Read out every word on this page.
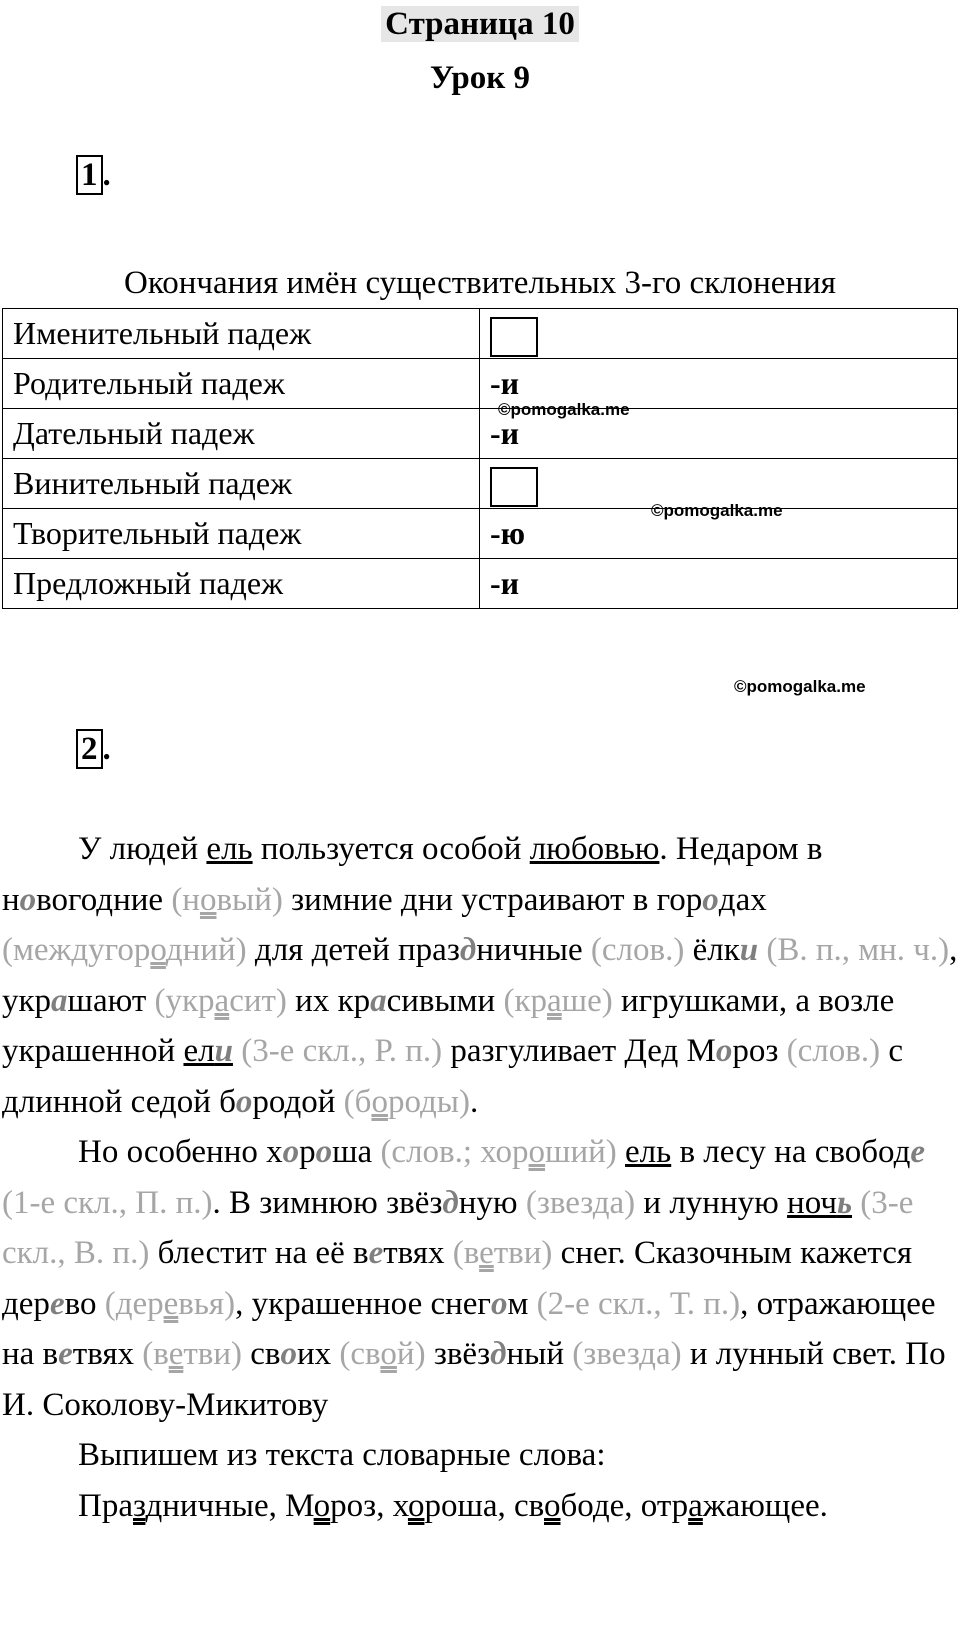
Страница 10
Урок 9
1 .
Окончания имён существительных 3-го склонения
Именительный падеж	
Родительный падеж	-и
Дательный падеж	-и
Винительный падеж	
Творительный падеж	-ю
Предложный падеж	-и
©pomogalka.me
©pomogalka.me
©pomogalka.me
2 .

У людей ель пользуется особой любовью. Недаром в
новогодние (новый) зимние дни устраивают в городах
(междугородний) для детей праздничные (слов.) ёлки (В. п., мн. ч.), украшают (украсит) их красивыми (краше) игрушками, а возле украшенной ели (3-е скл., Р. п.) разгуливает Дед Мороз (слов.) с длинной седой бородой (бороды).

Но особенно хороша (слов.; хороший) ель в лесу на свободе (1-е скл., П. п.). В зимнюю звёздную (звезда) и лунную ночь (3-е скл., В. п.) блестит на её ветвях (ветви) снег. Сказочным кажется дерево (деревья), украшенное снегом (2-е скл., Т. п.), отражающее на ветвях (ветви) своих (свой) звёздный (звезда) и лунный свет. По И. Соколову-Микитову

Выпишем из текста словарные слова:

Праздничные, Мороз, хороша, свободе, отражающее.
